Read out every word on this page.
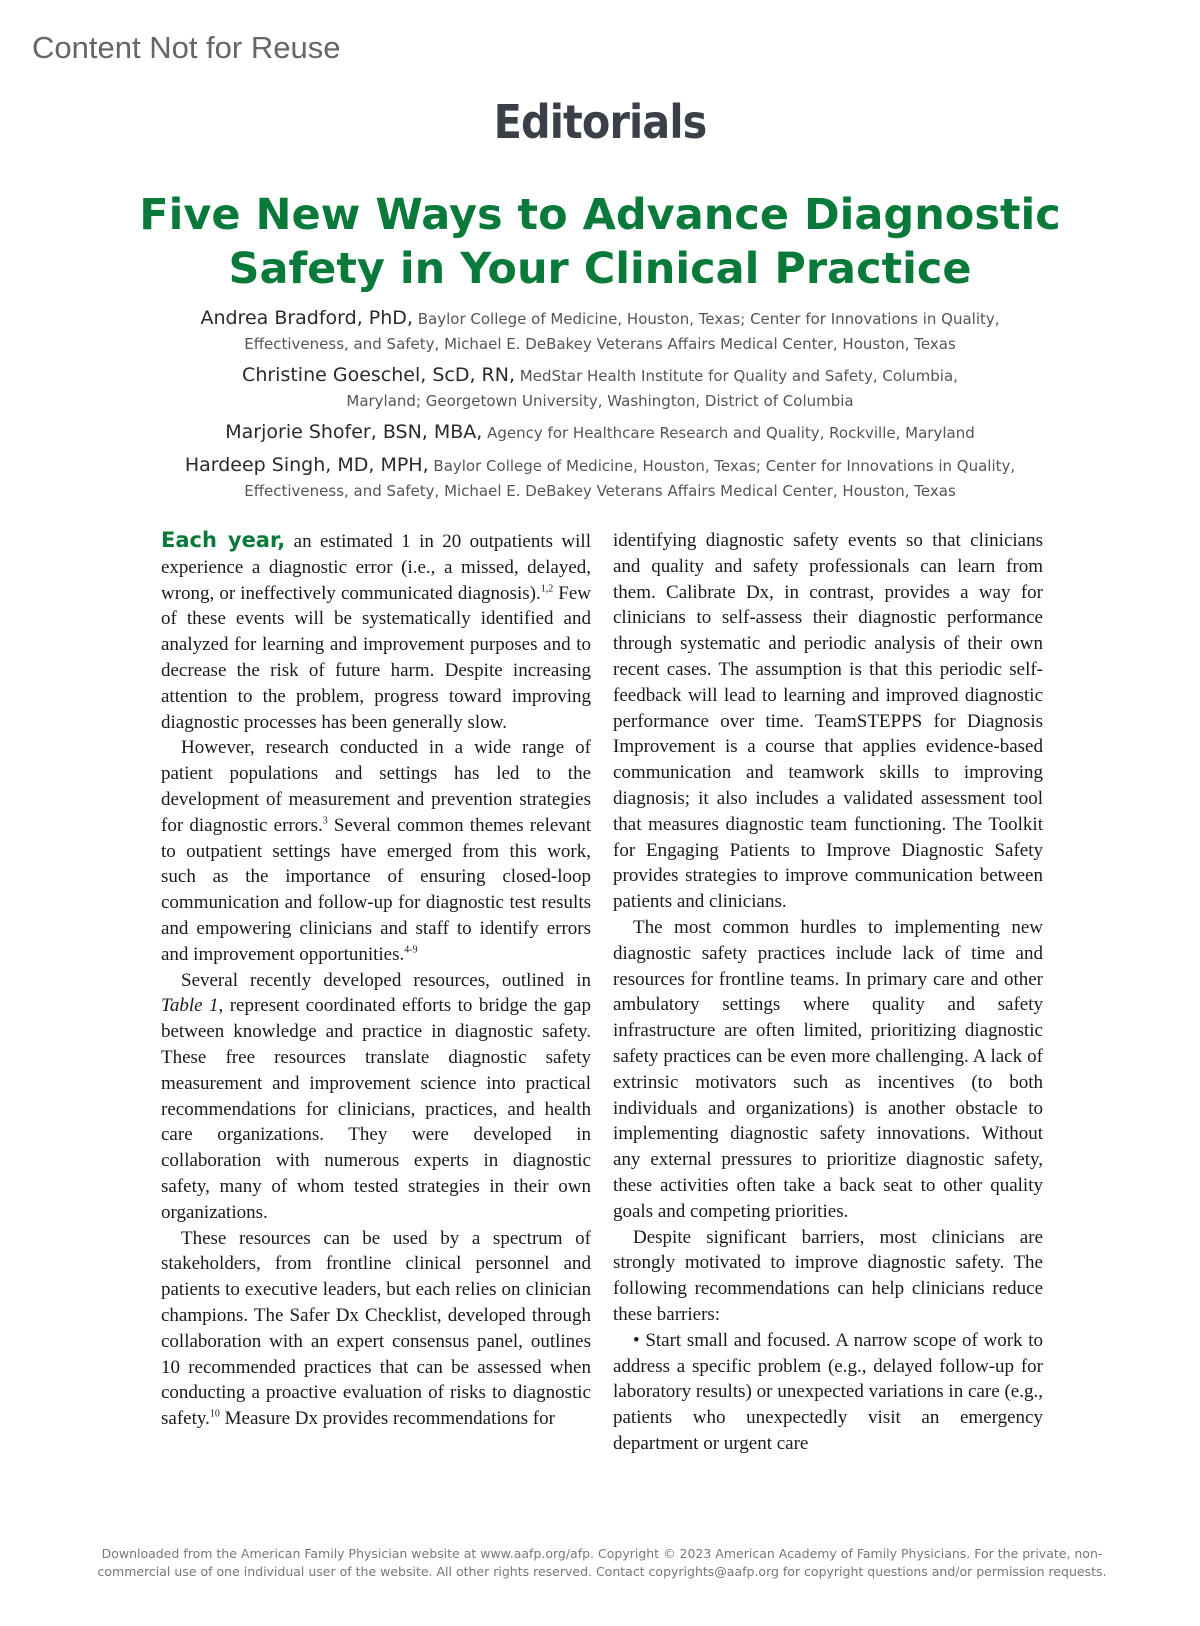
Content Not for Reuse
Editorials
Five New Ways to Advance Diagnostic
Safety in Your Clinical Practice
Andrea Bradford, PhD, Baylor College of Medicine, Houston, Texas; Center for Innovations in Quality,
Effectiveness, and Safety, Michael E. DeBakey Veterans Affairs Medical Center, Houston, Texas
Christine Goeschel, ScD, RN, MedStar Health Institute for Quality and Safety, Columbia,
Maryland; Georgetown University, Washington, District of Columbia
Marjorie Shofer, BSN, MBA, Agency for Healthcare Research and Quality, Rockville, Maryland
Hardeep Singh, MD, MPH, Baylor College of Medicine, Houston, Texas; Center for Innovations in Quality,
Effectiveness, and Safety, Michael E. DeBakey Veterans Affairs Medical Center, Houston, Texas

Each year, an estimated 1 in 20 outpatients will experience a diagnostic error (i.e., a missed, delayed, wrong, or ineffectively communicated diagnosis).$^{1,2}$ Few of these events will be systematically identified and analyzed for learning and improvement purposes and to decrease the risk of future harm. Despite increasing attention to the problem, progress toward improving diagnostic processes has been generally slow.

However, research conducted in a wide range of patient populations and settings has led to the development of measurement and prevention strategies for diagnostic errors.$^3$ Several common themes relevant to outpatient settings have emerged from this work, such as the importance of ensuring closed-loop communication and follow-up for diagnostic test results and empowering clinicians and staff to identify errors and improvement opportunities.$^{4-9}$

Several recently developed resources, outlined in Table 1, represent coordinated efforts to bridge the gap between knowledge and practice in diagnostic safety. These free resources translate diagnostic safety measurement and improvement science into practical recommendations for clinicians, practices, and health care organizations. They were developed in collaboration with numerous experts in diagnostic safety, many of whom tested strategies in their own organizations.

These resources can be used by a spectrum of stakeholders, from frontline clinical personnel and patients to executive leaders, but each relies on clinician champions. The Safer Dx Checklist, developed through collaboration with an expert consensus panel, outlines 10 recommended practices that can be assessed when conducting a proactive evaluation of risks to diagnostic safety.$^{10}$ Measure Dx provides recommendations for

identifying diagnostic safety events so that clinicians and quality and safety professionals can learn from them. Calibrate Dx, in contrast, provides a way for clinicians to self-assess their diagnostic performance through systematic and periodic analysis of their own recent cases. The assumption is that this periodic self-feedback will lead to learning and improved diagnostic performance over time. TeamSTEPPS for Diagnosis Improvement is a course that applies evidence-based communication and teamwork skills to improving diagnosis; it also includes a validated assessment tool that measures diagnostic team functioning. The Toolkit for Engaging Patients to Improve Diagnostic Safety provides strategies to improve communication between patients and clinicians.

The most common hurdles to implementing new diagnostic safety practices include lack of time and resources for frontline teams. In primary care and other ambulatory settings where quality and safety infrastructure are often limited, prioritizing diagnostic safety practices can be even more challenging. A lack of extrinsic motivators such as incentives (to both individuals and organizations) is another obstacle to implementing diagnostic safety innovations. Without any external pressures to prioritize diagnostic safety, these activities often take a back seat to other quality goals and competing priorities.

Despite significant barriers, most clinicians are strongly motivated to improve diagnostic safety. The following recommendations can help clinicians reduce these barriers:

• Start small and focused. A narrow scope of work to address a specific problem (e.g., delayed follow-up for laboratory results) or unexpected variations in care (e.g., patients who unexpectedly visit an emergency department or urgent care

Downloaded from the American Family Physician website at www.aafp.org/afp. Copyright © 2023 American Academy of Family Physicians. For the private, non-
commercial use of one individual user of the website. All other rights reserved. Contact copyrights@aafp.org for copyright questions and/or permission requests.
